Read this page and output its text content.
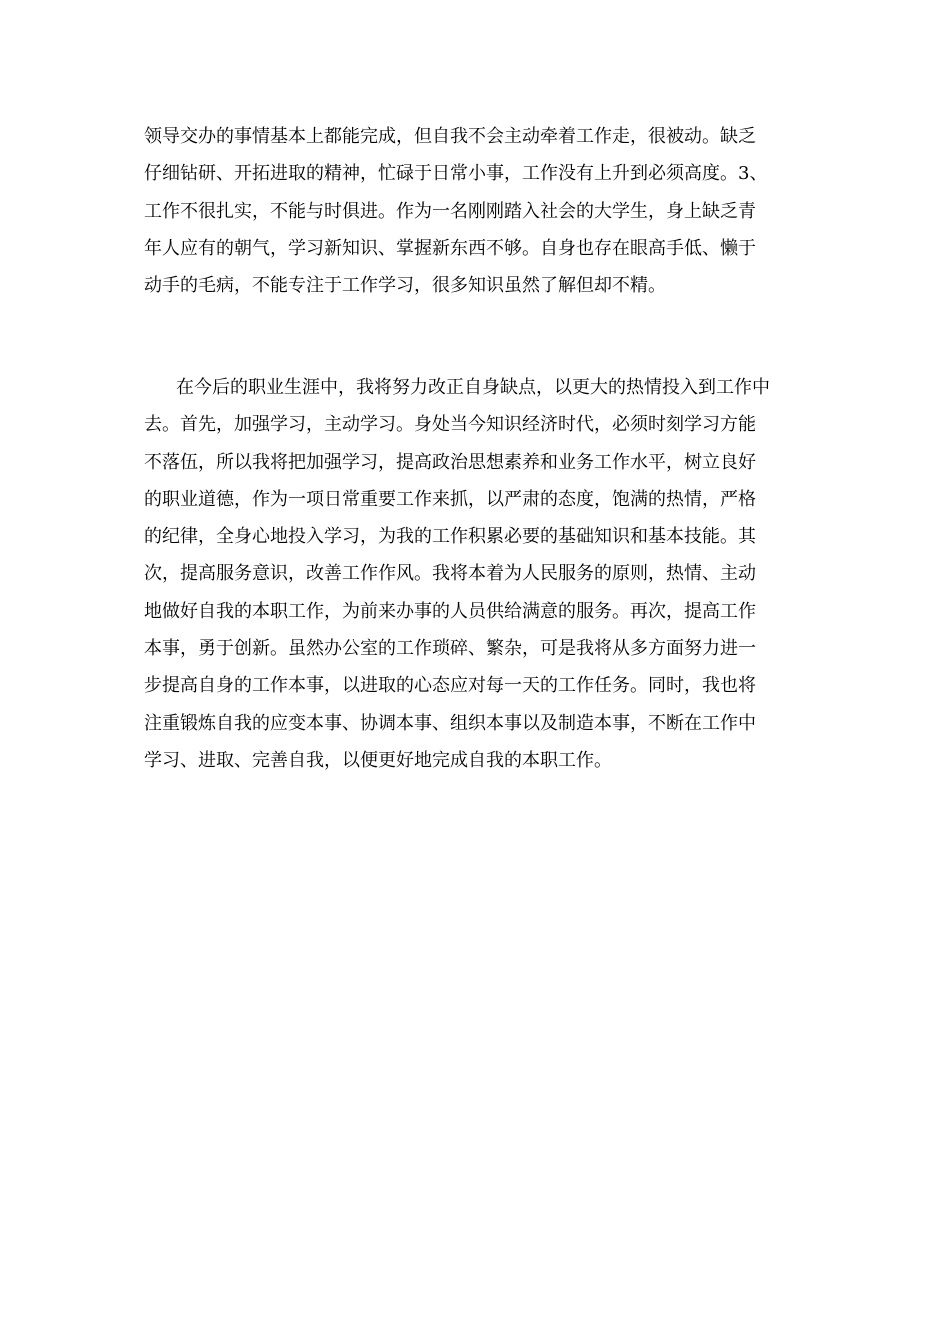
领导交办的事情基本上都能完成，但自我不会主动牵着工作走，很被动。缺乏
仔细钻研、开拓进取的精神，忙碌于日常小事，工作没有上升到必须高度。3、
工作不很扎实，不能与时俱进。作为一名刚刚踏入社会的大学生，身上缺乏青
年人应有的朝气，学习新知识、掌握新东西不够。自身也存在眼高手低、懒于
动手的毛病，不能专注于工作学习，很多知识虽然了解但却不精。

在今后的职业生涯中，我将努力改正自身缺点，以更大的热情投入到工作中
去。首先，加强学习，主动学习。身处当今知识经济时代，必须时刻学习方能
不落伍，所以我将把加强学习，提高政治思想素养和业务工作水平，树立良好
的职业道德，作为一项日常重要工作来抓，以严肃的态度，饱满的热情，严格
的纪律，全身心地投入学习，为我的工作积累必要的基础知识和基本技能。其
次，提高服务意识，改善工作作风。我将本着为人民服务的原则，热情、主动
地做好自我的本职工作，为前来办事的人员供给满意的服务。再次，提高工作
本事，勇于创新。虽然办公室的工作琐碎、繁杂，可是我将从多方面努力进一
步提高自身的工作本事，以进取的心态应对每一天的工作任务。同时，我也将
注重锻炼自我的应变本事、协调本事、组织本事以及制造本事，不断在工作中
学习、进取、完善自我，以便更好地完成自我的本职工作。
